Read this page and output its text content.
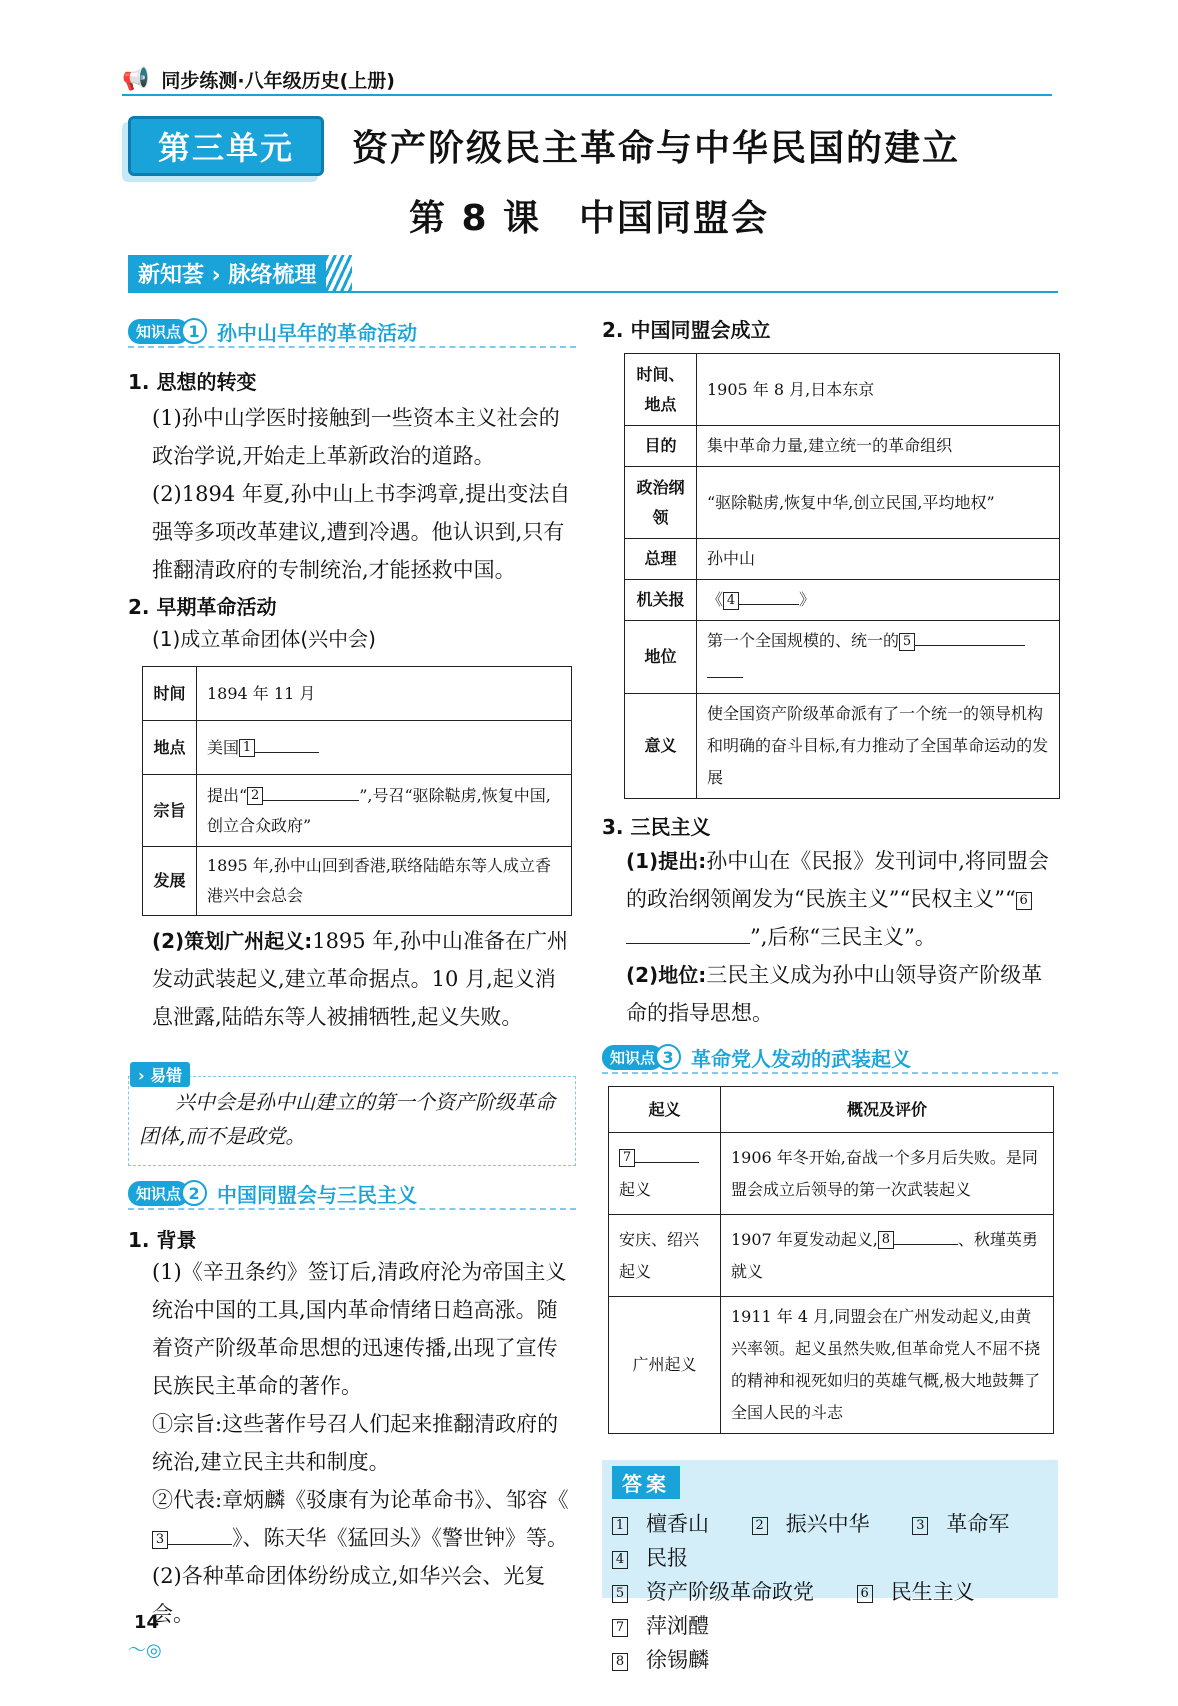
📢 同步练测·八年级历史(上册)
第三单元	资产阶级民主革命与中华民国的建立
第 8 课　中国同盟会
新知荟 › 脉络梳理
知识点 1 孙中山早年的革命活动
1. 思想的转变
(1)孙中山学医时接触到一些资本主义社会的政治学说,开始走上革新政治的道路。
(2)1894 年夏,孙中山上书李鸿章,提出变法自强等多项改革建议,遭到冷遇。他认识到,只有推翻清政府的专制统治,才能拯救中国。
2. 早期革命活动
(1)成立革命团体(兴中会)
时间	1894 年 11 月
地点	美国 1
宗旨	提出“ 2 ”,号召“驱除鞑虏,恢复中国,创立合众政府”
发展	1895 年,孙中山回到香港,联络陆皓东等人成立香港兴中会总会
(2)策划广州起义:1895 年,孙中山准备在广州发动武装起义,建立革命据点。10 月,起义消息泄露,陆皓东等人被捕牺牲,起义失败。
兴中会是孙中山建立的第一个资产阶级革命团体,而不是政党。
› 易错
知识点 2 中国同盟会与三民主义
1. 背景
(1)《辛丑条约》签订后,清政府沦为帝国主义统治中国的工具,国内革命情绪日趋高涨。随着资产阶级革命思想的迅速传播,出现了宣传民族民主革命的著作。
①宗旨:这些著作号召人们起来推翻清政府的统治,建立民主共和制度。
②代表:章炳麟《驳康有为论革命书》、邹容《3	》、陈天华《猛回头》《警世钟》等。
(2)各种革命团体纷纷成立,如华兴会、光复会。
2. 中国同盟会成立
时间、地点	1905 年 8 月,日本东京
目的	集中革命力量,建立统一的革命组织
政治纲领	“驱除鞑虏,恢复中华,创立民国,平均地权”
总理	孙中山
机关报	《 4 》
地位	第一个全国规模的、统一的 5

意义	使全国资产阶级革命派有了一个统一的领导机构和明确的奋斗目标,有力推动了全国革命运动的发展
3. 三民主义
(1)提出:孙中山在《民报》发刊词中,将同盟会的政治纲领阐发为“民族主义”“民权主义”“ 6”,后称“三民主义”。
(2)地位:三民主义成为孙中山领导资产阶级革命的指导思想。
知识点 3 革命党人发动的武装起义
起义	概况及评价
7
起义	1906 年冬开始,奋战一个多月后失败。是同盟会成立后领导的第一次武装起义
安庆、绍兴起义	1907 年夏发动起义, 8 、秋瑾英勇就义
广州起义	1911 年 4 月,同盟会在广州发动起义,由黄兴率领。起义虽然失败,但革命党人不屈不挠的精神和视死如归的英雄气概,极大地鼓舞了全国人民的斗志
答案
1 檀香山	2 振兴中华	3 革命军 4 民报
5 资产阶级革命政党	6 民生主义 7 萍浏醴
8 徐锡麟
14
〜◎
